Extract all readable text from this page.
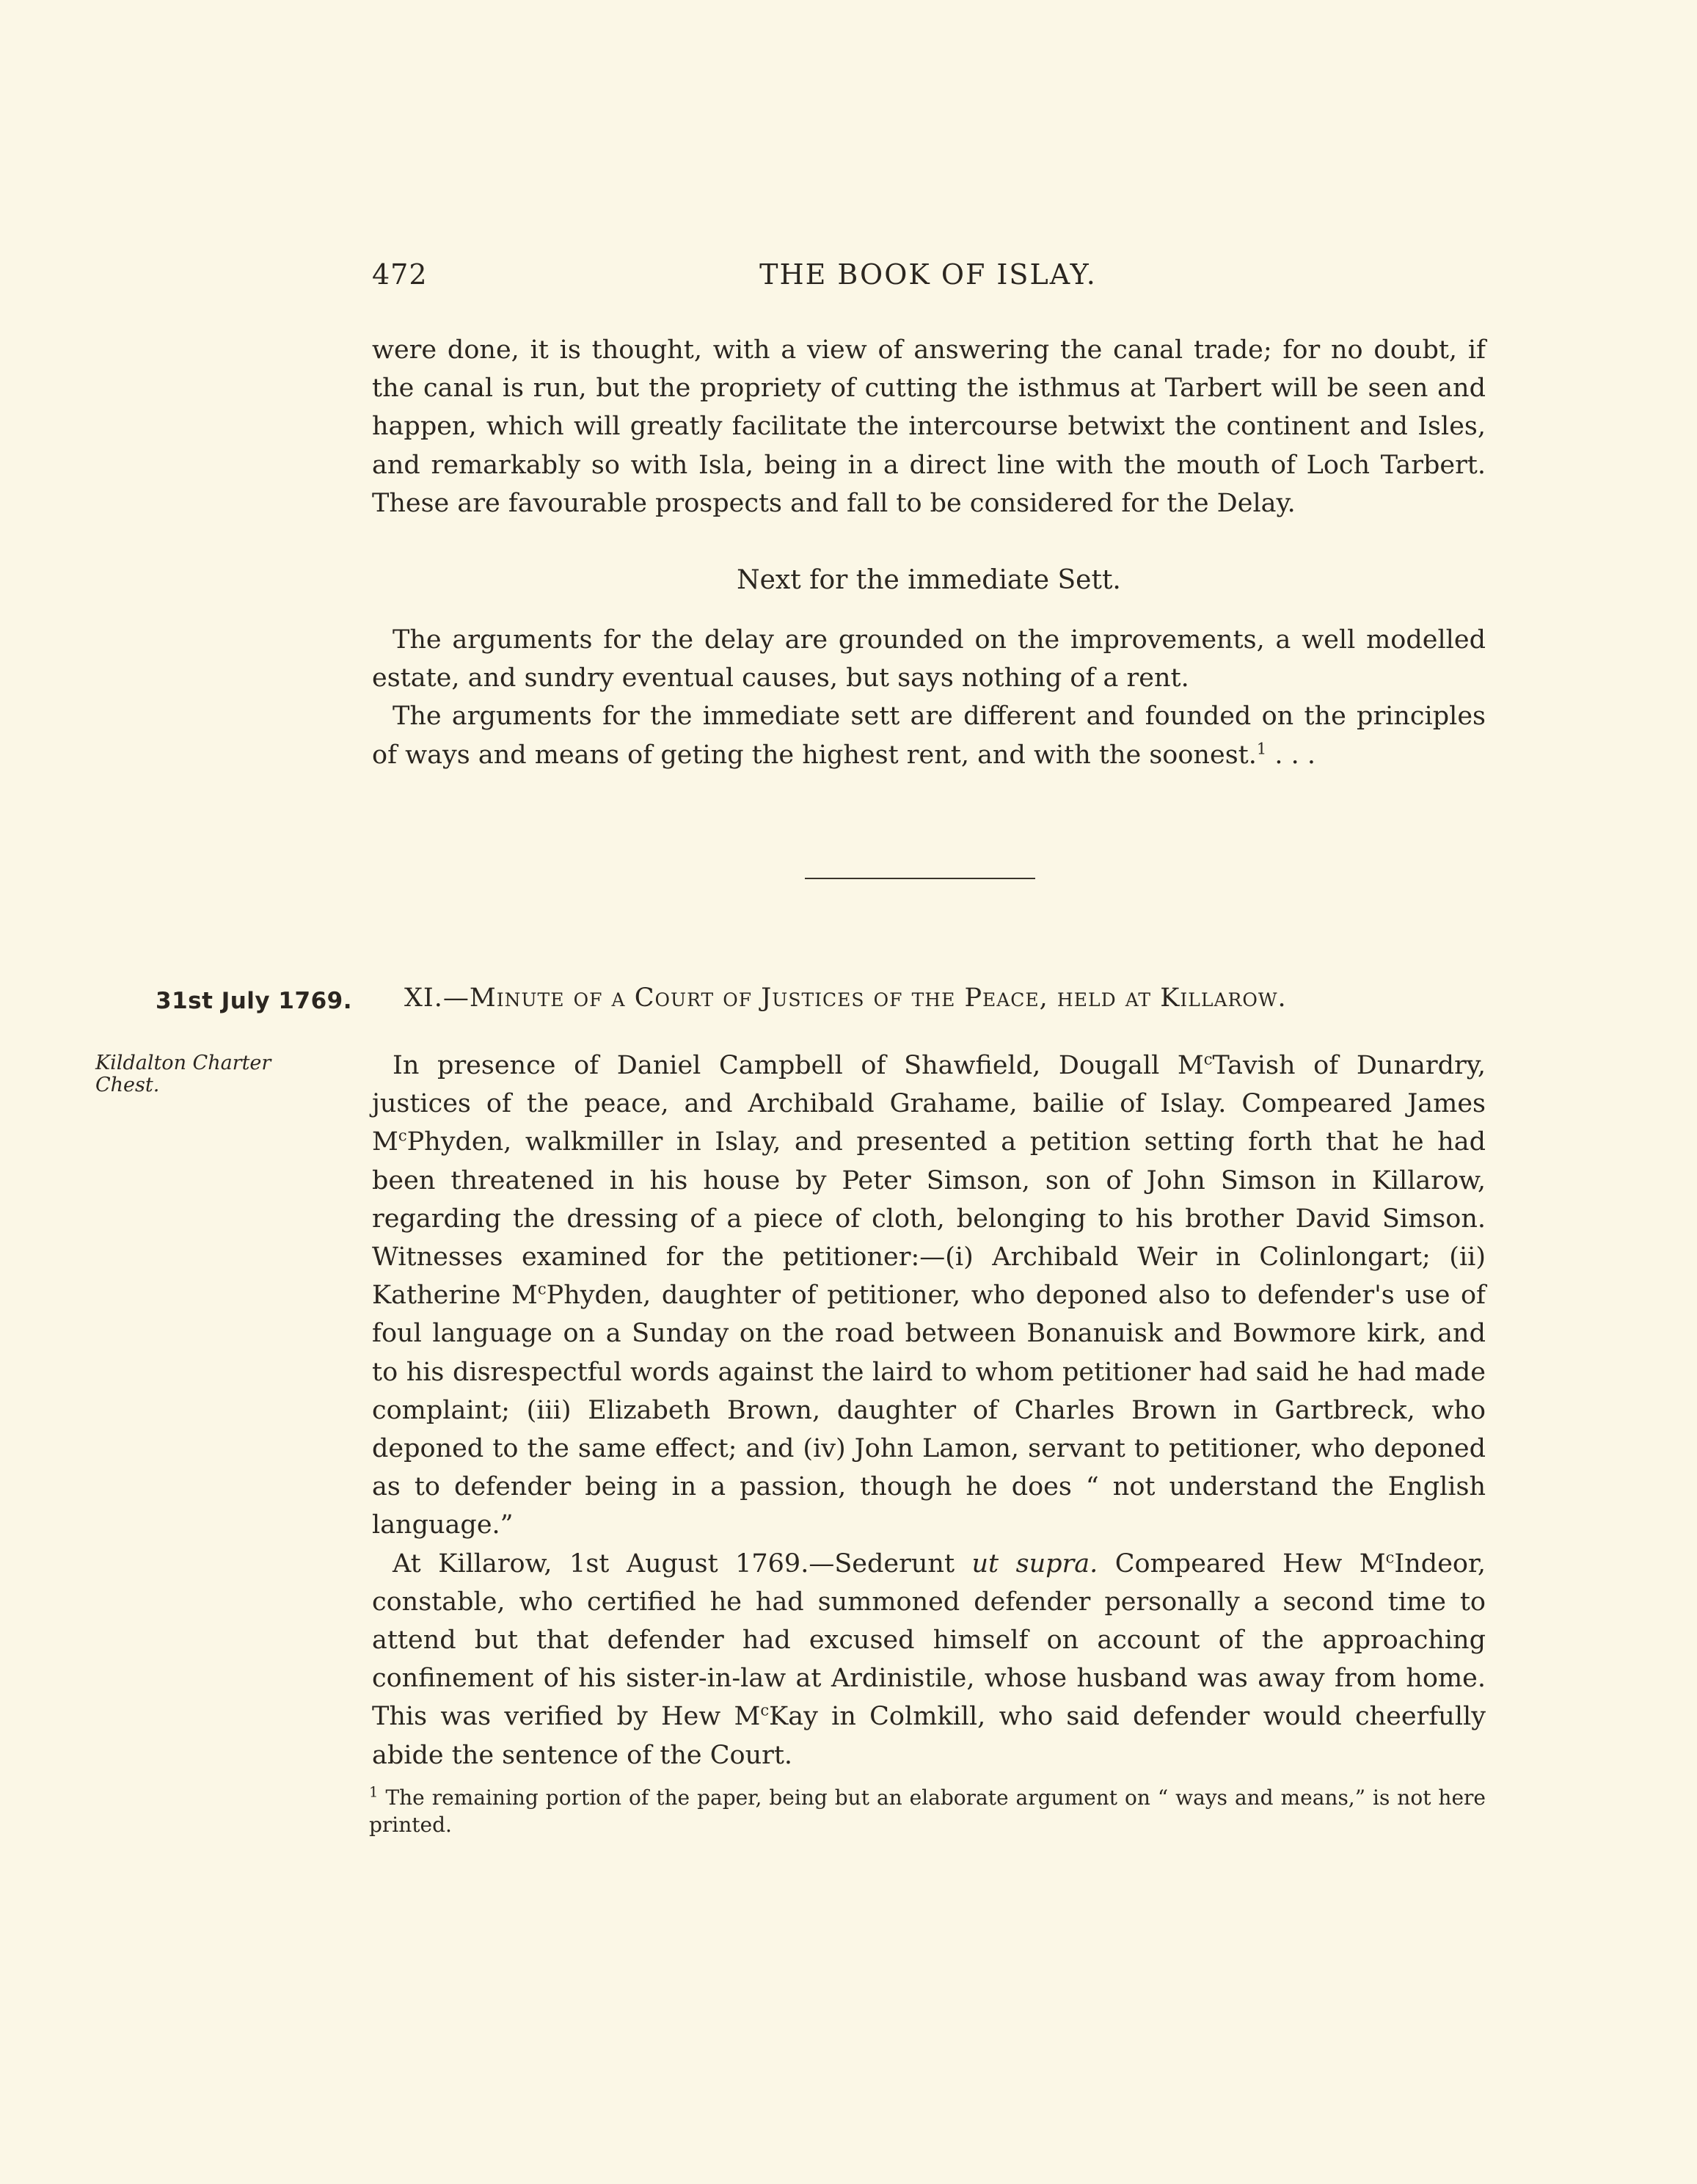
472	THE BOOK OF ISLAY.

were done, it is thought, with a view of answering the canal trade; for no doubt, if the canal is run, but the propriety of cutting the isthmus at Tarbert will be seen and happen, which will greatly facilitate the intercourse betwixt the continent and Isles, and remarkably so with Isla, being in a direct line with the mouth of Loch Tarbert. These are favourable prospects and fall to be considered for the Delay.

Next for the immediate Sett.

The arguments for the delay are grounded on the improvements, a well modelled estate, and sundry eventual causes, but says nothing of a rent.

The arguments for the immediate sett are different and founded on the principles of ways and means of geting the highest rent, and with the soonest.$^1$ . . .

31st July 1769.
Kildalton Charter Chest.
XI.—Minute of a Court of Justices of the Peace, held at Killarow.

In presence of Daniel Campbell of Shawfield, Dougall $M^cTavish$ of Dunardry, justices of the peace, and Archibald Grahame, bailie of Islay. Compeared James $M^cPhyden$, walkmiller in Islay, and presented a petition setting forth that he had been threatened in his house by Peter Simson, son of John Simson in Killarow, regarding the dressing of a piece of cloth, belonging to his brother David Simson. Witnesses examined for the petitioner:—(i) Archibald Weir in Colinlongart; (ii) Katherine $M^cPhyden$, daughter of petitioner, who deponed also to defender's use of foul language on a Sunday on the road between Bonanuisk and Bowmore kirk, and to his disrespectful words against the laird to whom petitioner had said he had made complaint; (iii) Elizabeth Brown, daughter of Charles Brown in Gartbreck, who deponed to the same effect; and (iv) John Lamon, servant to petitioner, who deponed as to defender being in a passion, though he does “ not understand the English language.”

At Killarow, 1st August 1769.—Sederunt ut supra. Compeared Hew $M^cIndeor$, constable, who certified he had summoned defender personally a second time to attend but that defender had excused himself on account of the approaching confinement of his sister-in-law at Ardinistile, whose husband was away from home. This was verified by Hew $M^cKay$ in Colmkill, who said defender would cheerfully abide the sentence of the Court.

$^1$ The remaining portion of the paper, being but an elaborate argument on “ ways and means,” is not here printed.
